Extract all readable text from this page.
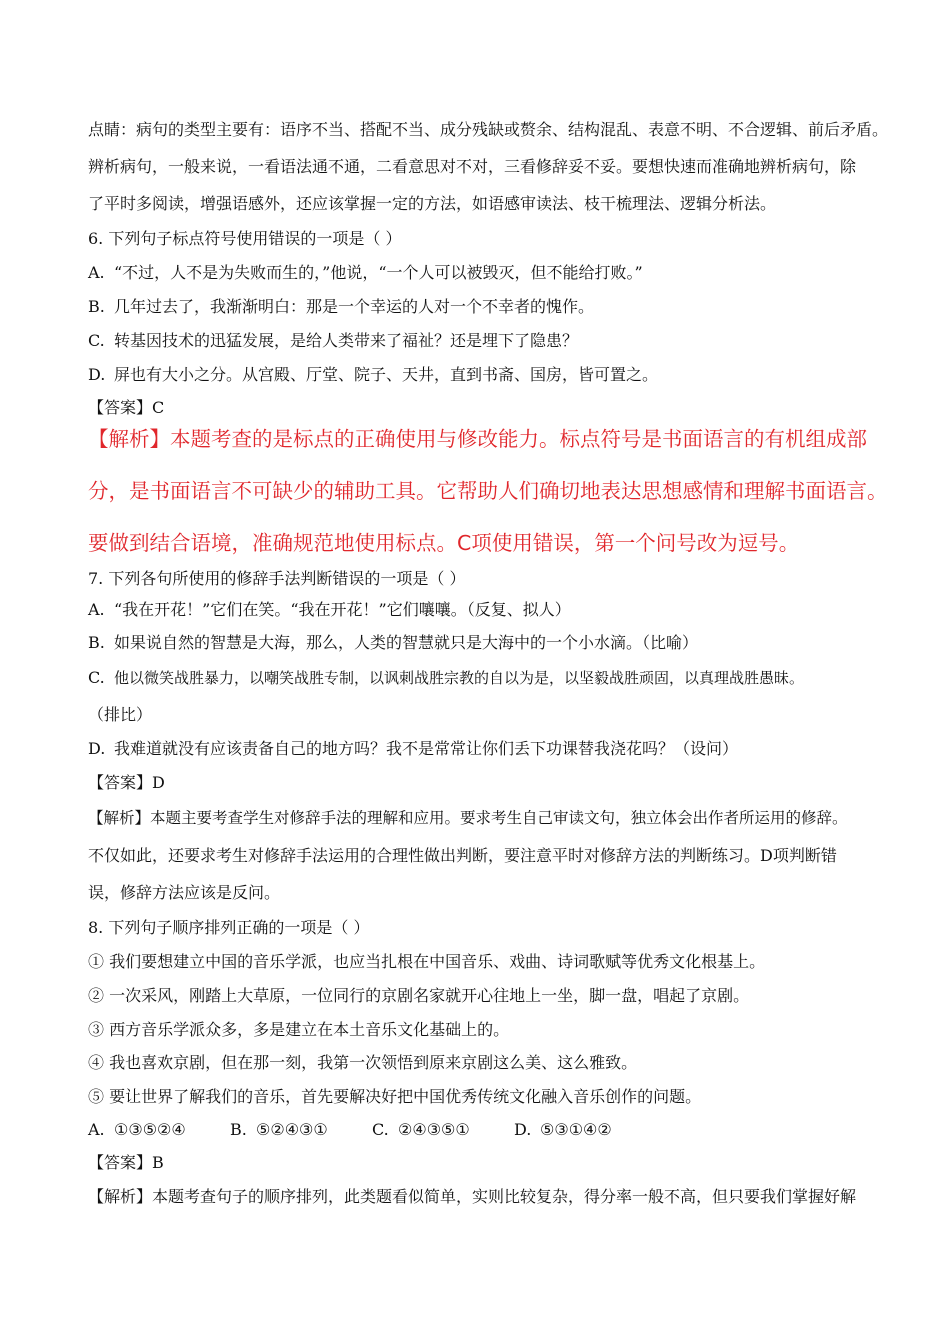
点睛：病句的类型主要有：语序不当、搭配不当、成分残缺或赘余、结构混乱、表意不明、不合逻辑、前后矛盾。
辨析病句，一般来说，一看语法通不通，二看意思对不对，三看修辞妥不妥。要想快速而准确地辨析病句，除
了平时多阅读，增强语感外，还应该掌握一定的方法，如语感审读法、枝干梳理法、逻辑分析法。
6. 下列句子标点符号使用错误的一项是（ ）
A. “不过，人不是为失败而生的，”他说，“一个人可以被毁灭，但不能给打败。”
B. 几年过去了，我渐渐明白：那是一个幸运的人对一个不幸者的愧作。
C. 转基因技术的迅猛发展，是给人类带来了福祉？还是埋下了隐患？
D. 屏也有大小之分。从宫殿、厅堂、院子、天井，直到书斋、国房，皆可置之。
【答案】C
【解析】本题考查的是标点的正确使用与修改能力。标点符号是书面语言的有机组成部
分，是书面语言不可缺少的辅助工具。它帮助人们确切地表达思想感情和理解书面语言。
要做到结合语境，准确规范地使用标点。C项使用错误，第一个问号改为逗号。
7. 下列各句所使用的修辞手法判断错误的一项是（ ）
A. “我在开花！”它们在笑。“我在开花！”它们嚷嚷。（反复、拟人）
B. 如果说自然的智慧是大海，那么，人类的智慧就只是大海中的一个小水滴。（比喻）
C. 他以微笑战胜暴力，以嘲笑战胜专制，以讽刺战胜宗教的自以为是，以坚毅战胜顽固，以真理战胜愚昧。
（排比）
D. 我难道就没有应该责备自己的地方吗？我不是常常让你们丢下功课替我浇花吗？（设问）
【答案】D
【解析】本题主要考查学生对修辞手法的理解和应用。要求考生自己审读文句，独立体会出作者所运用的修辞。
不仅如此，还要求考生对修辞手法运用的合理性做出判断，要注意平时对修辞方法的判断练习。D项判断错
误，修辞方法应该是反问。
8. 下列句子顺序排列正确的一项是（ ）
① 我们要想建立中国的音乐学派，也应当扎根在中国音乐、戏曲、诗词歌赋等优秀文化根基上。
② 一次采风，刚踏上大草原，一位同行的京剧名家就开心往地上一坐，脚一盘，唱起了京剧。
③ 西方音乐学派众多，多是建立在本土音乐文化基础上的。
④ 我也喜欢京剧，但在那一刻，我第一次领悟到原来京剧这么美、这么雅致。
⑤ 要让世界了解我们的音乐，首先要解决好把中国优秀传统文化融入音乐创作的问题。
A. ①③⑤②④	B. ⑤②④③①	C. ②④③⑤①	D. ⑤③①④②
【答案】B
【解析】本题考查句子的顺序排列，此类题看似简单，实则比较复杂，得分率一般不高，但只要我们掌握好解
